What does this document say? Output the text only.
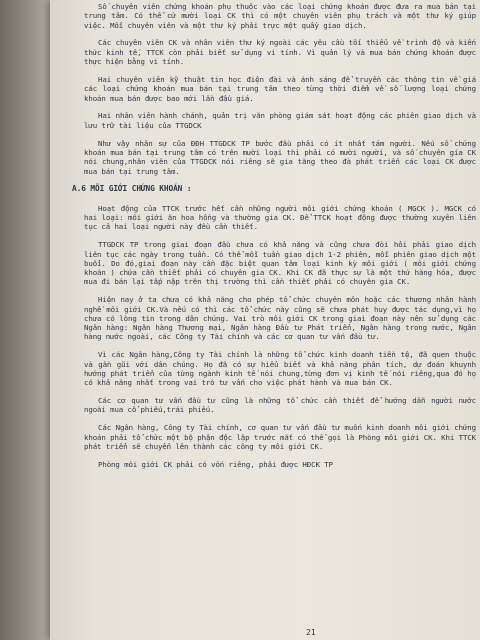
Số chuyên viên chứng khoán phụ thuộc vào các loại chứng khoán được đưa ra mua bán tại trung tâm. Có thể cứ mười loại CK thì có một chuyên viên phụ trách và một thư ký giúp việc. Mỗi chuyên viên và một thư ký phải trực một quầy giao dịch.

Các chuyên viên CK và nhân viên thư ký ngoài các yêu cầu tối thiểu về trình độ và kiến thức kinh tế, TTCK còn phải biết sử dụng vi tính. Vì quản lý và mua bán chứng khoán được thực hiện bằng vi tính.

Hai chuyên viên kỹ thuật tin học điện đài và ánh sáng để truyền các thông tin về giá các loại chứng khoán mua bán tại trung tâm theo từng thời điểm về số lượng loại chứng khoán mua bán được bao mới lần đầu giá.

Hai nhân viên hành chánh, quản trị văn phòng giám sát hoạt động các phiên giao dịch và lưu trữ tài liệu của TTGDCK

Như vậy nhân sự của ĐĐH TTGDCK TP bước đầu phải có ít nhất tám người. Nếu số chứng khoán mua bán tại trung tâm có trên mười loại thì phải có mười người, và số chuyên gia CK nói chung,nhân viên của TTGDCK nói riêng sẽ gia tăng theo đà phát triển các loại CK được mua bán tại trung tâm.

A.6 MÔI GIỚI CHỨNG KHOÁN :

Hoạt động của TTCK trước hết cần những người môi giới chứng khoán ( MGCK ). MGCK có hai loại: môi giới ăn hoa hồng và thường gia CK. Để TTCK hoạt động được thường xuyên liên tục cả hai loại người này đều cần thiết.

TTGDCK TP trong giai đoạn đầu chưa có khả năng và cũng chưa đòi hỏi phải giao dịch liên tục các ngày trong tuần. Có thể mỗi tuần giao dịch 1-2 phiên, mỗi phiên giao dịch một buổi. Do đó,giai đoạn này cần đặc biệt quan tâm loại kinh kỳ môi giới ( môi giới chứng khoán ) chứa cần thiết phải có chuyên gia CK. Khi CK đã thực sự là một thứ hàng hóa, được mua đi bán lại tấp nập trên thị trường thì cần thiết phải có chuyên gia CK.

Hiện nay ở ta chưa có khả năng cho phép tổ chức chuyên môn hoặc các thương nhân hành nghề môi giới CK.Và nếu có thì các tổ chức này cũng sẽ chưa phát huy được tác dụng,vì họ chưa có lòng tin trong dân chúng. Vai trò môi giới CK trong giai đoạn này nên sử dụng các Ngân hàng: Ngân hàng Thương mại, Ngân hàng Đầu tư Phát triển, Ngân hàng trong nước, Ngân hàng nước ngoài, các Công ty Tài chính và các cơ quan tư vấn đầu tư.

Vì các Ngân hàng,Công ty Tài chính là những tổ chức kinh doanh tiền tệ, đã quen thuộc và gần gũi với dân chúng. Họ đã có sự hiểu biết và khả năng phân tích, dự đoán khuynh hướng phát triển của từng ngành kinh tế nói chung,từng đơn vị kinh tế nói riêng,qua đó họ có khả năng nhất trong vai trò tư vấn cho việc phát hành và mua bán CK.

Các cơ quan tư vấn đầu tư cũng là những tổ chức cần thiết để hướng dẫn người nước ngoài mua cổ phiếu,trái phiếu.

Các Ngân hàng, Công ty Tài chính, cơ quan tư vấn đầu tư muốn kinh doanh môi giới chứng khoán phải tổ chức một bộ phận độc lập trước mắt có thể gọi là Phòng môi giới CK. Khi TTCK phát triển sẽ chuyển lên thành các công ty môi giới CK.

Phòng môi giới CK phải có vốn riêng, phải được HĐCK TP

21
